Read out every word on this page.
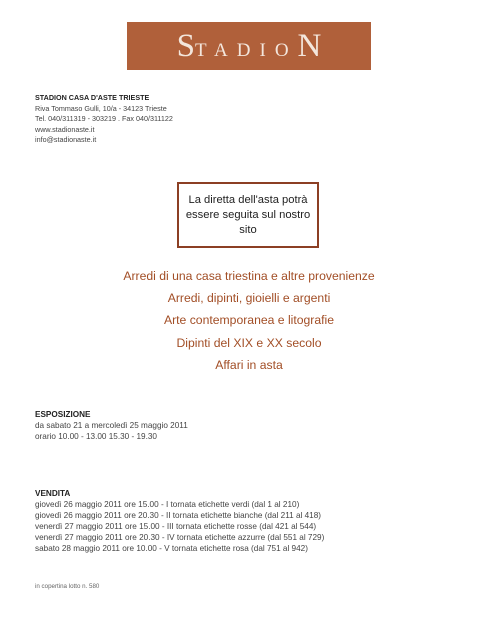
STADION
STADION CASA D'ASTE TRIESTE
Riva Tommaso Gulli, 10/a - 34123 Trieste
Tel. 040/311319 - 303219 . Fax 040/311122
www.stadionaste.it
info@stadionaste.it
La diretta dell'asta potrà essere seguita sul nostro sito
Arredi di una casa triestina e altre provenienze
Arredi, dipinti, gioielli e argenti
Arte contemporanea e litografie
Dipinti del XIX e XX secolo
Affari in asta
ESPOSIZIONE
da sabato 21 a mercoledì 25 maggio 2011
orario 10.00 - 13.00 15.30 - 19.30
VENDITA
giovedì 26 maggio 2011 ore 15.00 - I tornata etichette verdi (dal 1 al 210)
giovedì 26 maggio 2011 ore 20.30 - II tornata etichette bianche (dal 211 al 418)
venerdì 27 maggio 2011 ore 15.00 - III tornata etichette rosse (dal 421 al 544)
venerdì 27 maggio 2011 ore 20.30 - IV tornata etichette azzurre (dal 551 al 729)
sabato 28 maggio 2011 ore 10.00 - V tornata etichette rosa (dal 751 al 942)
in copertina lotto n. 580
